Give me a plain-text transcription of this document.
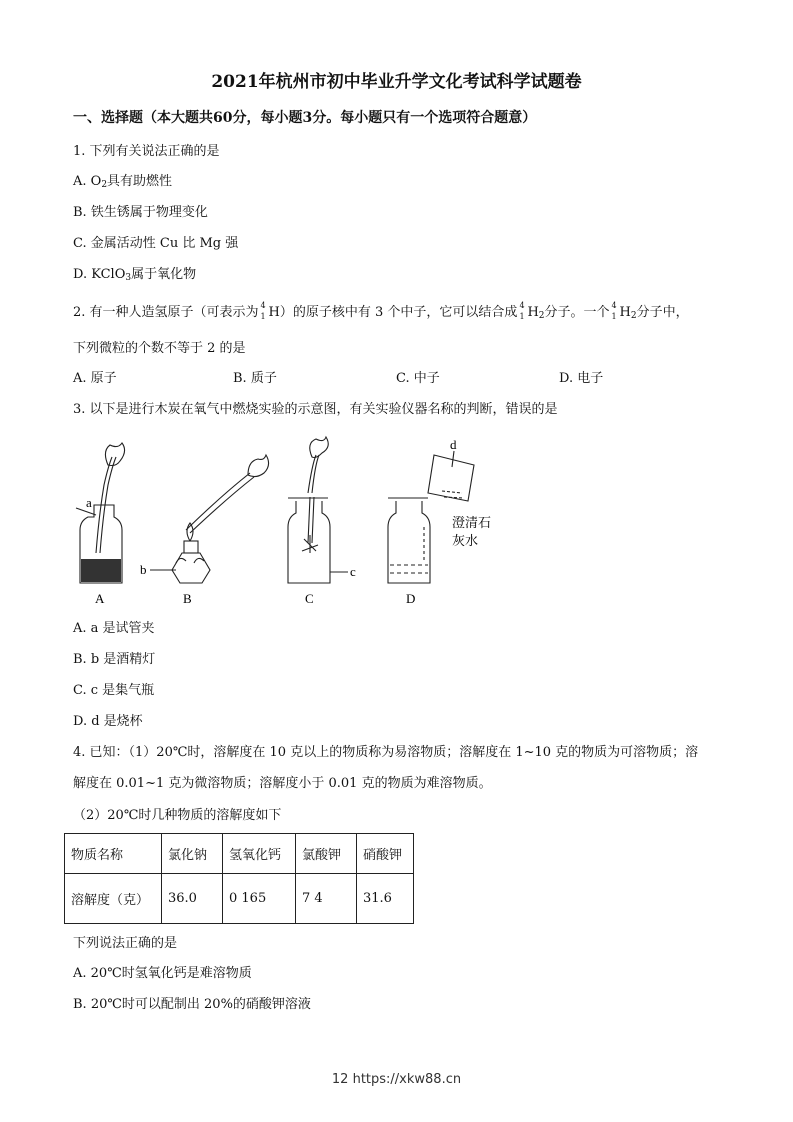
2021年杭州市初中毕业升学文化考试科学试题卷
一、选择题（本大题共60分，每小题3分。每小题只有一个选项符合题意）
1. 下列有关说法正确的是
A. $O_2$具有助燃性
B. 铁生锈属于物理变化
C. 金属活动性 Cu 比 Mg 强
D. KClO$_3$属于氧化物
2. 有一种人造氢原子（可表示为 4
1 H）的原子核中有 3 个中子，它可以结合成 4
1 $H_2$分子。一个 4
1 $H_2$分子中，
下列微粒的个数不等于 2 的是
A. 原子	B. 质子	C. 中子	D. 电子
3. 以下是进行木炭在氧气中燃烧实验的示意图，有关实验仪器名称的判断，错误的是
a
b	c
d
澄清石
灰水
A	B	C	D
A. a 是试管夹
B. b 是酒精灯
C. c 是集气瓶
D. d 是烧杯
4. 已知：（1）20℃时，溶解度在 10 克以上的物质称为易溶物质；溶解度在 1~10 克的物质为可溶物质；溶
解度在 0.01~1 克为微溶物质；溶解度小于 0.01 克的物质为难溶物质。
（2）20℃时几种物质的溶解度如下
物质名称	氯化钠	氢氧化钙	氯酸钾	硝酸钾
溶解度（克）	36.0	0 165	7 4	31.6
下列说法正确的是
A. 20℃时氢氧化钙是难溶物质
B. 20℃时可以配制出 20%的硝酸钾溶液
12 https://xkw88.cn
